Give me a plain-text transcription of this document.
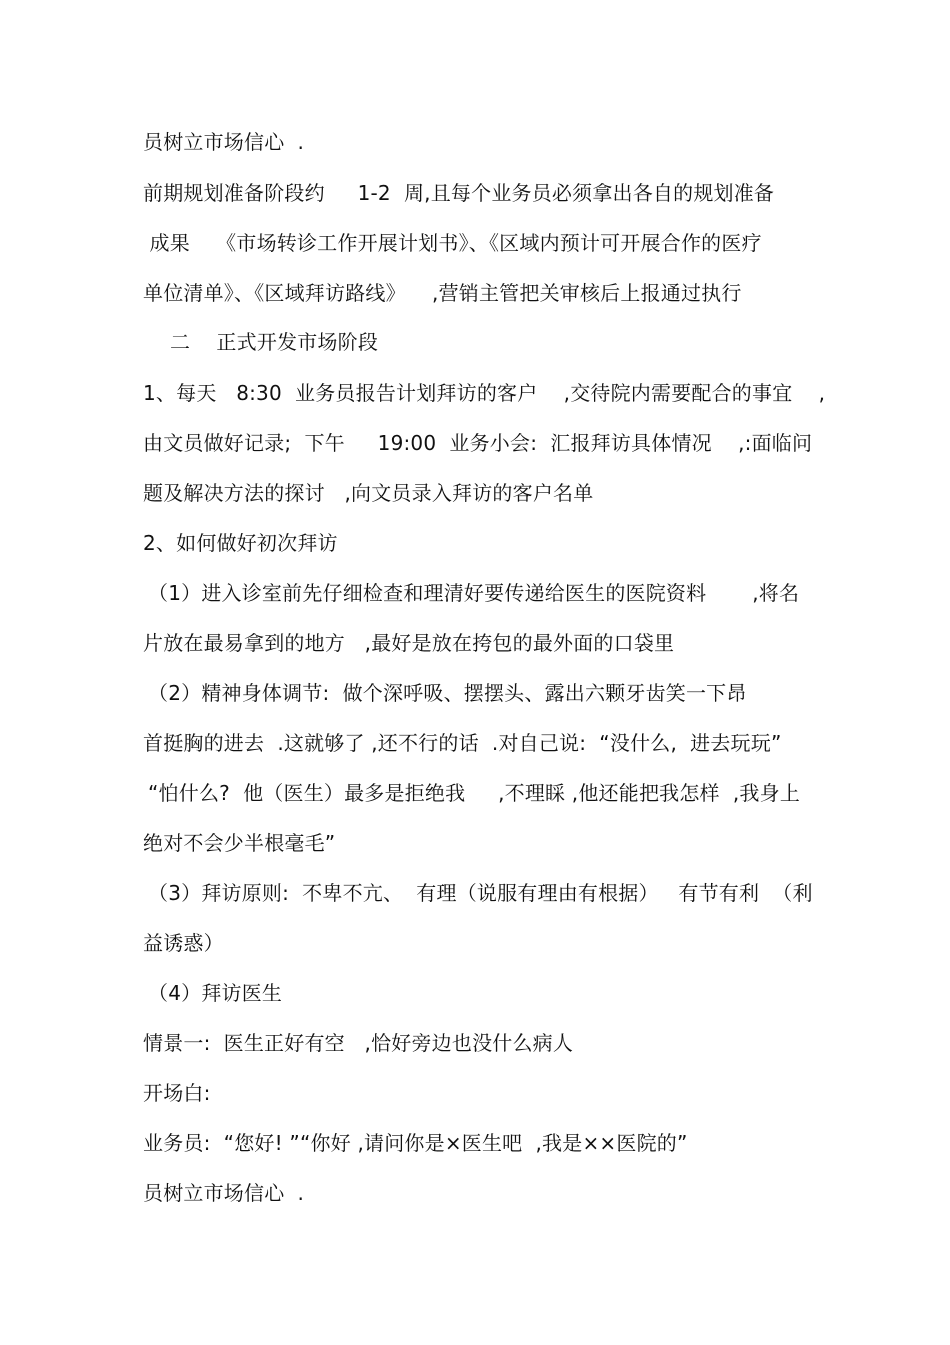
员树立市场信心  .
前期规划准备阶段约     1-2  周,且每个业务员必须拿出各自的规划准备
成果    《市场转诊工作开展计划书》、《区域内预计可开展合作的医疗
单位清单》、《区域拜访路线》    ,营销主管把关审核后上报通过执行
二    正式开发市场阶段
1、每天   8:30  业务员报告计划拜访的客户    ,交待院内需要配合的事宜    ,
由文员做好记录;  下午     19:00  业务小会:  汇报拜访具体情况    ,:面临问
题及解决方法的探讨   ,向文员录入拜访的客户名单
2、如何做好初次拜访
（1）进入诊室前先仔细检查和理清好要传递给医生的医院资料       ,将名
片放在最易拿到的地方   ,最好是放在挎包的最外面的口袋里
（2）精神身体调节:  做个深呼吸、摆摆头、露出六颗牙齿笑一下昂
首挺胸的进去  .这就够了 ,还不行的话  .对自己说:  “没什么,  进去玩玩”
“怕什么?  他（医生）最多是拒绝我     ,不理睬 ,他还能把我怎样  ,我身上
绝对不会少半根毫毛”
（3）拜访原则:  不卑不亢、  有理（说服有理由有根据）   有节有利  （利
益诱惑）
（4）拜访医生
情景一:  医生正好有空   ,恰好旁边也没什么病人
开场白:
业务员:  “您好! ”“你好 ,请问你是×医生吧  ,我是××医院的”
员树立市场信心  .
